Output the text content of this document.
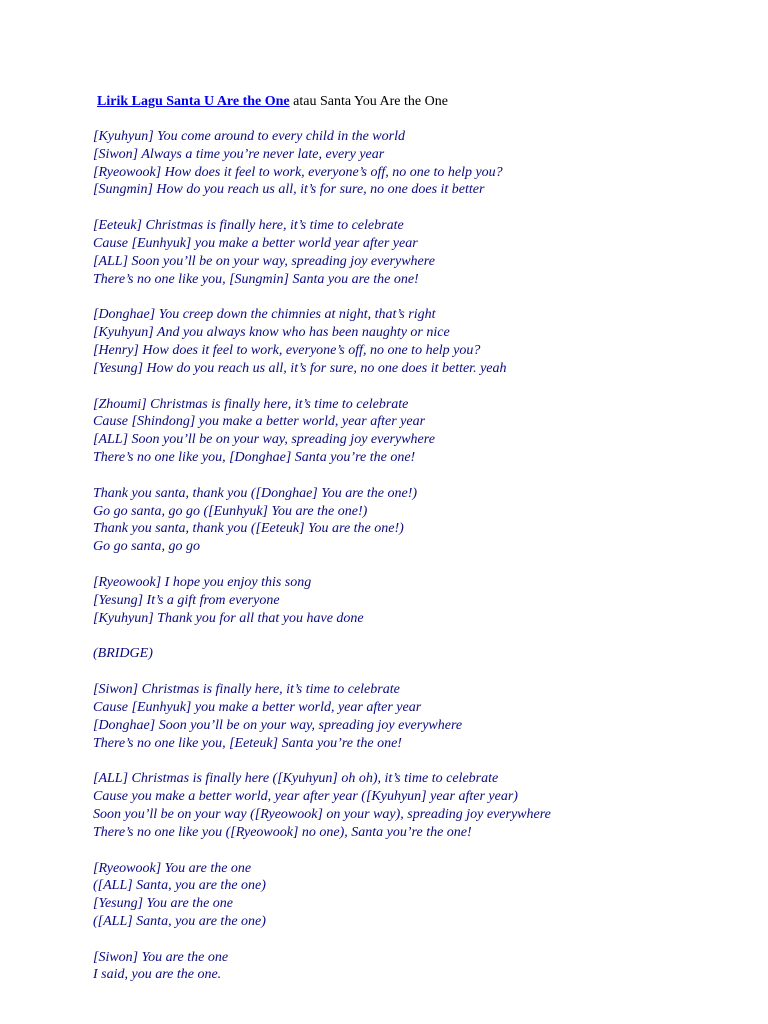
Lirik Lagu Santa U Are the One atau Santa You Are the One
[Kyuhyun] You come around to every child in the world
[Siwon] Always a time you’re never late, every year
[Ryeowook] How does it feel to work, everyone’s off, no one to help you?
[Sungmin] How do you reach us all, it’s for sure, no one does it better
[Eeteuk] Christmas is finally here, it’s time to celebrate
Cause [Eunhyuk] you make a better world year after year
[ALL] Soon you’ll be on your way, spreading joy everywhere
There’s no one like you, [Sungmin] Santa you are the one!
[Donghae] You creep down the chimnies at night, that’s right
[Kyuhyun] And you always know who has been naughty or nice
[Henry] How does it feel to work, everyone’s off, no one to help you?
[Yesung] How do you reach us all, it’s for sure, no one does it better. yeah
[Zhoumi] Christmas is finally here, it’s time to celebrate
Cause [Shindong] you make a better world, year after year
[ALL] Soon you’ll be on your way, spreading joy everywhere
There’s no one like you, [Donghae] Santa you’re the one!
Thank you santa, thank you ([Donghae] You are the one!)
Go go santa, go go ([Eunhyuk] You are the one!)
Thank you santa, thank you ([Eeteuk] You are the one!)
Go go santa, go go
[Ryeowook] I hope you enjoy this song
[Yesung] It’s a gift from everyone
[Kyuhyun] Thank you for all that you have done
(BRIDGE)
[Siwon] Christmas is finally here, it’s time to celebrate
Cause [Eunhyuk] you make a better world, year after year
[Donghae] Soon you’ll be on your way, spreading joy everywhere
There’s no one like you, [Eeteuk] Santa you’re the one!
[ALL] Christmas is finally here ([Kyuhyun] oh oh), it’s time to celebrate
Cause you make a better world, year after year ([Kyuhyun] year after year)
Soon you’ll be on your way ([Ryeowook] on your way), spreading joy everywhere
There’s no one like you ([Ryeowook] no one), Santa you’re the one!
[Ryeowook] You are the one
([ALL] Santa, you are the one)
[Yesung] You are the one
([ALL] Santa, you are the one)
[Siwon] You are the one
I said, you are the one.
